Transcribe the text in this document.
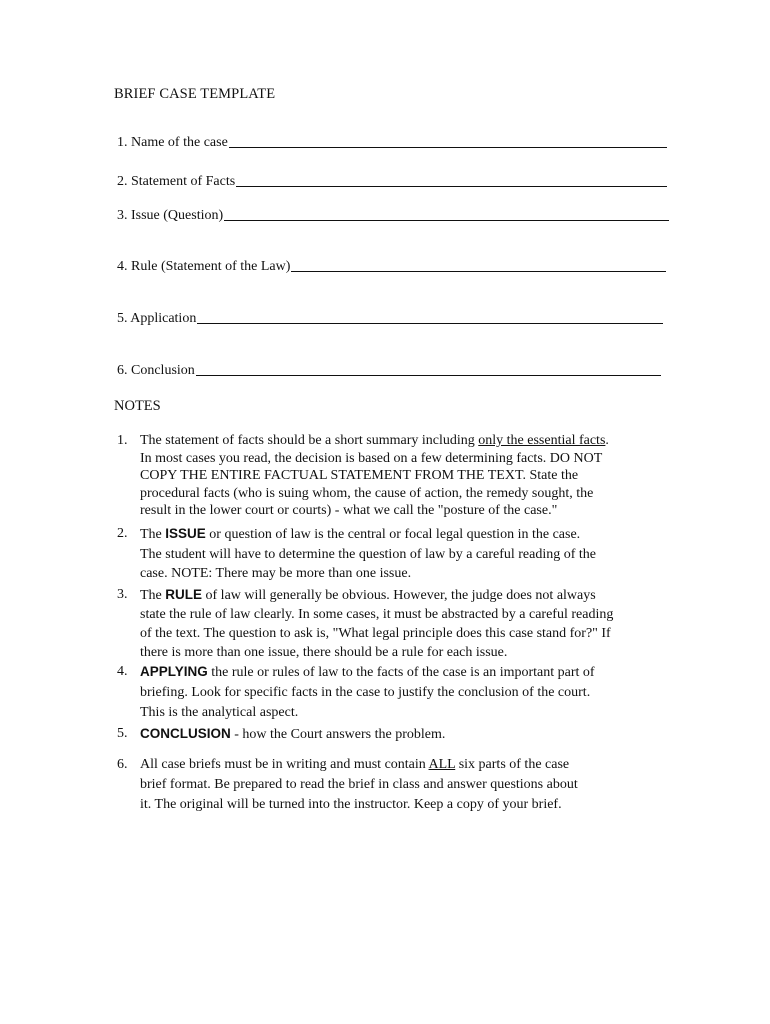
BRIEF CASE TEMPLATE
1. Name of the case
2. Statement of Facts
3. Issue (Question)
4. Rule (Statement of the Law)
5. Application
6. Conclusion
NOTES
1. The statement of facts should be a short summary including only the essential facts.
In most cases you read, the decision is based on a few determining facts. DO NOT
COPY THE ENTIRE FACTUAL STATEMENT FROM THE TEXT. State the
procedural facts (who is suing whom, the cause of action, the remedy sought, the
result in the lower court or courts) - what we call the "posture of the case."
2. The ISSUE or question of law is the central or focal legal question in the case.
The student will have to determine the question of law by a careful reading of the
case. NOTE: There may be more than one issue.
3. The RULE of law will generally be obvious. However, the judge does not always
state the rule of law clearly. In some cases, it must be abstracted by a careful reading
of the text. The question to ask is, "What legal principle does this case stand for?" If
there is more than one issue, there should be a rule for each issue.
4. APPLYING the rule or rules of law to the facts of the case is an important part of
briefing. Look for specific facts in the case to justify the conclusion of the court.
This is the analytical aspect.
5. CONCLUSION - how the Court answers the problem.
6. All case briefs must be in writing and must contain ALL six parts of the case
brief format. Be prepared to read the brief in class and answer questions about
it. The original will be turned into the instructor. Keep a copy of your brief.
